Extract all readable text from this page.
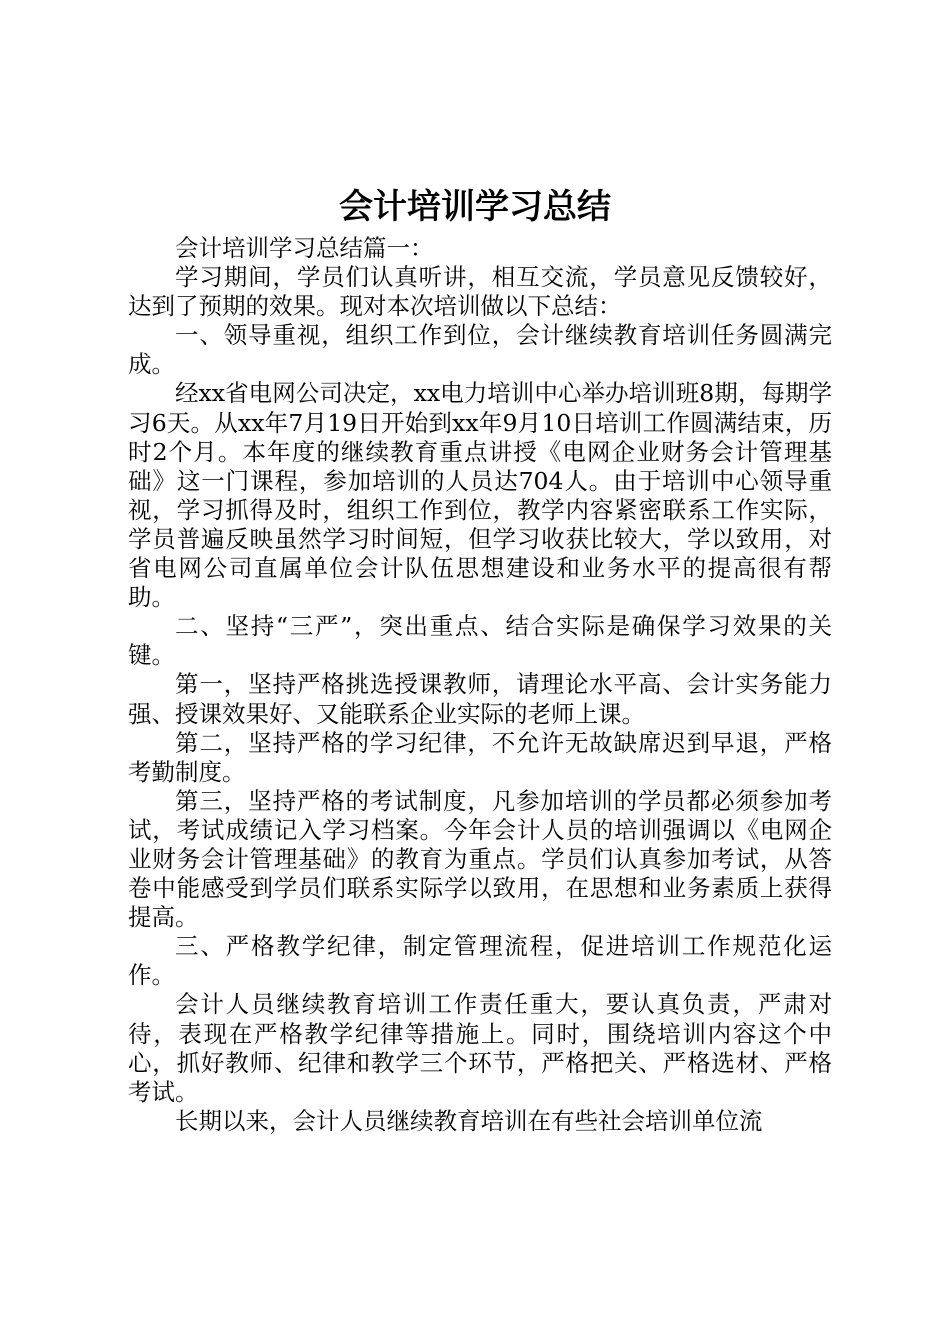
会计培训学习总结

会计培训学习总结篇一：

学习期间，学员们认真听讲，相互交流，学员意见反馈较好，达到了预期的效果。现对本次培训做以下总结：

一、领导重视，组织工作到位，会计继续教育培训任务圆满完成。

经xx省电网公司决定，xx电力培训中心举办培训班8期，每期学习6天。从xx年7月19日开始到xx年9月10日培训工作圆满结束，历时2个月。本年度的继续教育重点讲授《电网企业财务会计管理基础》这一门课程，参加培训的人员达704人。由于培训中心领导重视，学习抓得及时，组织工作到位，教学内容紧密联系工作实际，学员普遍反映虽然学习时间短，但学习收获比较大，学以致用，对省电网公司直属单位会计队伍思想建设和业务水平的提高很有帮助。

二、坚持“三严”，突出重点、结合实际是确保学习效果的关键。

第一，坚持严格挑选授课教师，请理论水平高、会计实务能力强、授课效果好、又能联系企业实际的老师上课。

第二，坚持严格的学习纪律，不允许无故缺席迟到早退，严格考勤制度。

第三，坚持严格的考试制度，凡参加培训的学员都必须参加考试，考试成绩记入学习档案。今年会计人员的培训强调以《电网企业财务会计管理基础》的教育为重点。学员们认真参加考试，从答卷中能感受到学员们联系实际学以致用，在思想和业务素质上获得提高。

三、严格教学纪律，制定管理流程，促进培训工作规范化运作。

会计人员继续教育培训工作责任重大，要认真负责，严肃对待，表现在严格教学纪律等措施上。同时，围绕培训内容这个中心，抓好教师、纪律和教学三个环节，严格把关、严格选材、严格考试。

长期以来，会计人员继续教育培训在有些社会培训单位流
